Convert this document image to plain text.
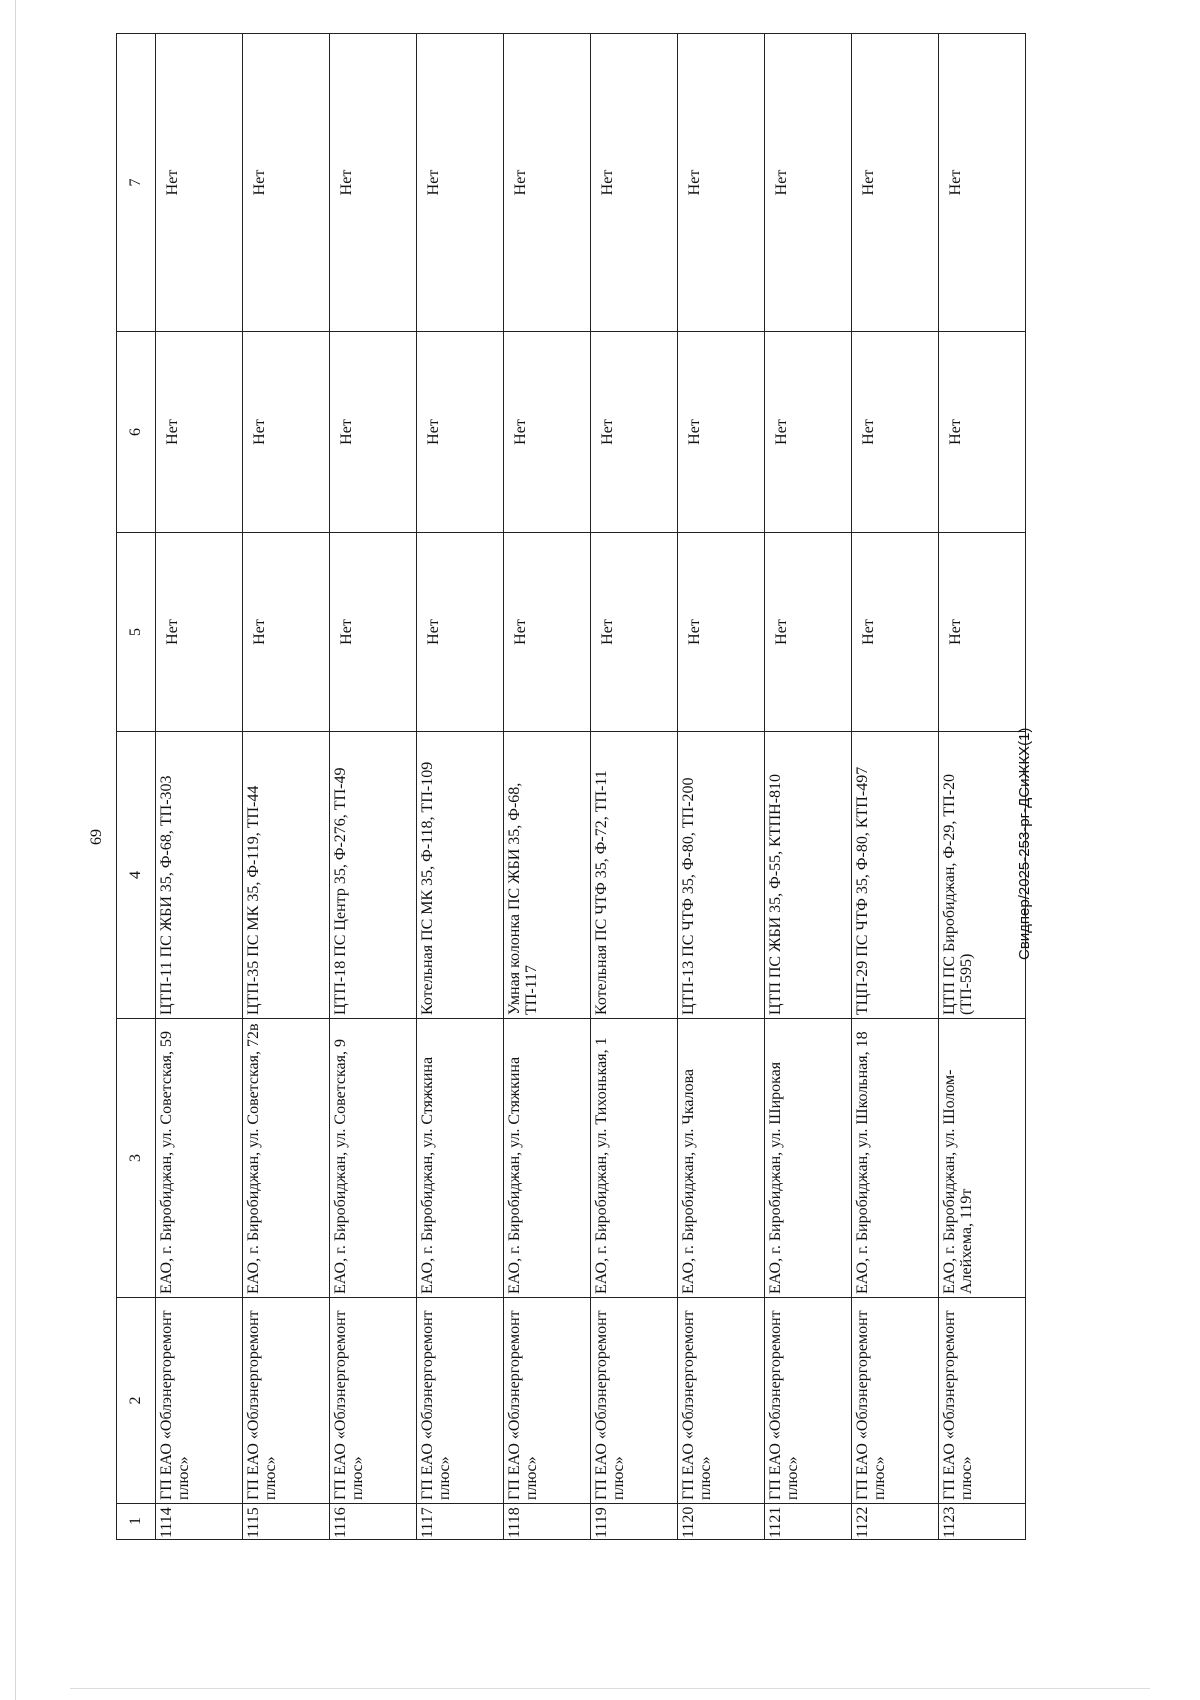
69
1	2	3	4	5	6	7
1114	ГП ЕАО «Облэнергоремонт плюс»	ЕАО, г. Биробиджан, ул. Советская, 59	ЦТП-11 ПС ЖБИ 35, Ф-68, ТП-303	Нет	Нет	Нет
1115	ГП ЕАО «Облэнергоремонт плюс»	ЕАО, г. Биробиджан, ул. Советская, 72в	ЦТП-35 ПС МК 35, Ф-119, ТП-44	Нет	Нет	Нет
1116	ГП ЕАО «Облэнергоремонт плюс»	ЕАО, г. Биробиджан, ул. Советская, 9	ЦТП-18 ПС Центр 35, Ф-276, ТП-49	Нет	Нет	Нет
1117	ГП ЕАО «Облэнергоремонт плюс»	ЕАО, г. Биробиджан, ул. Стяжкина	Котельная ПС МК 35, Ф-118, ТП-109	Нет	Нет	Нет
1118	ГП ЕАО «Облэнергоремонт плюс»	ЕАО, г. Биробиджан, ул. Стяжкина	Умная колонка ПС ЖБИ 35, Ф-68, ТП-117	Нет	Нет	Нет
1119	ГП ЕАО «Облэнергоремонт плюс»	ЕАО, г. Биробиджан, ул. Тихонькая, 1	Котельная ПС ЧТФ 35, Ф-72, ТП-11	Нет	Нет	Нет
1120	ГП ЕАО «Облэнергоремонт плюс»	ЕАО, г. Биробиджан, ул. Чкалова	ЦТП-13 ПС ЧТФ 35, Ф-80, ТП-200	Нет	Нет	Нет
1121	ГП ЕАО «Облэнергоремонт плюс»	ЕАО, г. Биробиджан, ул. Широкая	ЦТП ПС ЖБИ 35, Ф-55, КТПН-810	Нет	Нет	Нет
1122	ГП ЕАО «Облэнергоремонт плюс»	ЕАО, г. Биробиджан, ул. Школьная, 18	ТЦП-29 ПС ЧТФ 35, Ф-80, КТП-497	Нет	Нет	Нет
1123	ГП ЕАО «Облэнергоремонт плюс»	ЕАО, г. Биробиджан, ул. Шолом-Алейхема, 119т	ЦТП ПС Биробиджан, Ф-29, ТП-20 (ТП-595)	Нет	Нет	Нет
Свидпер/2025-253-рг-ДСиЖКХ(1)
